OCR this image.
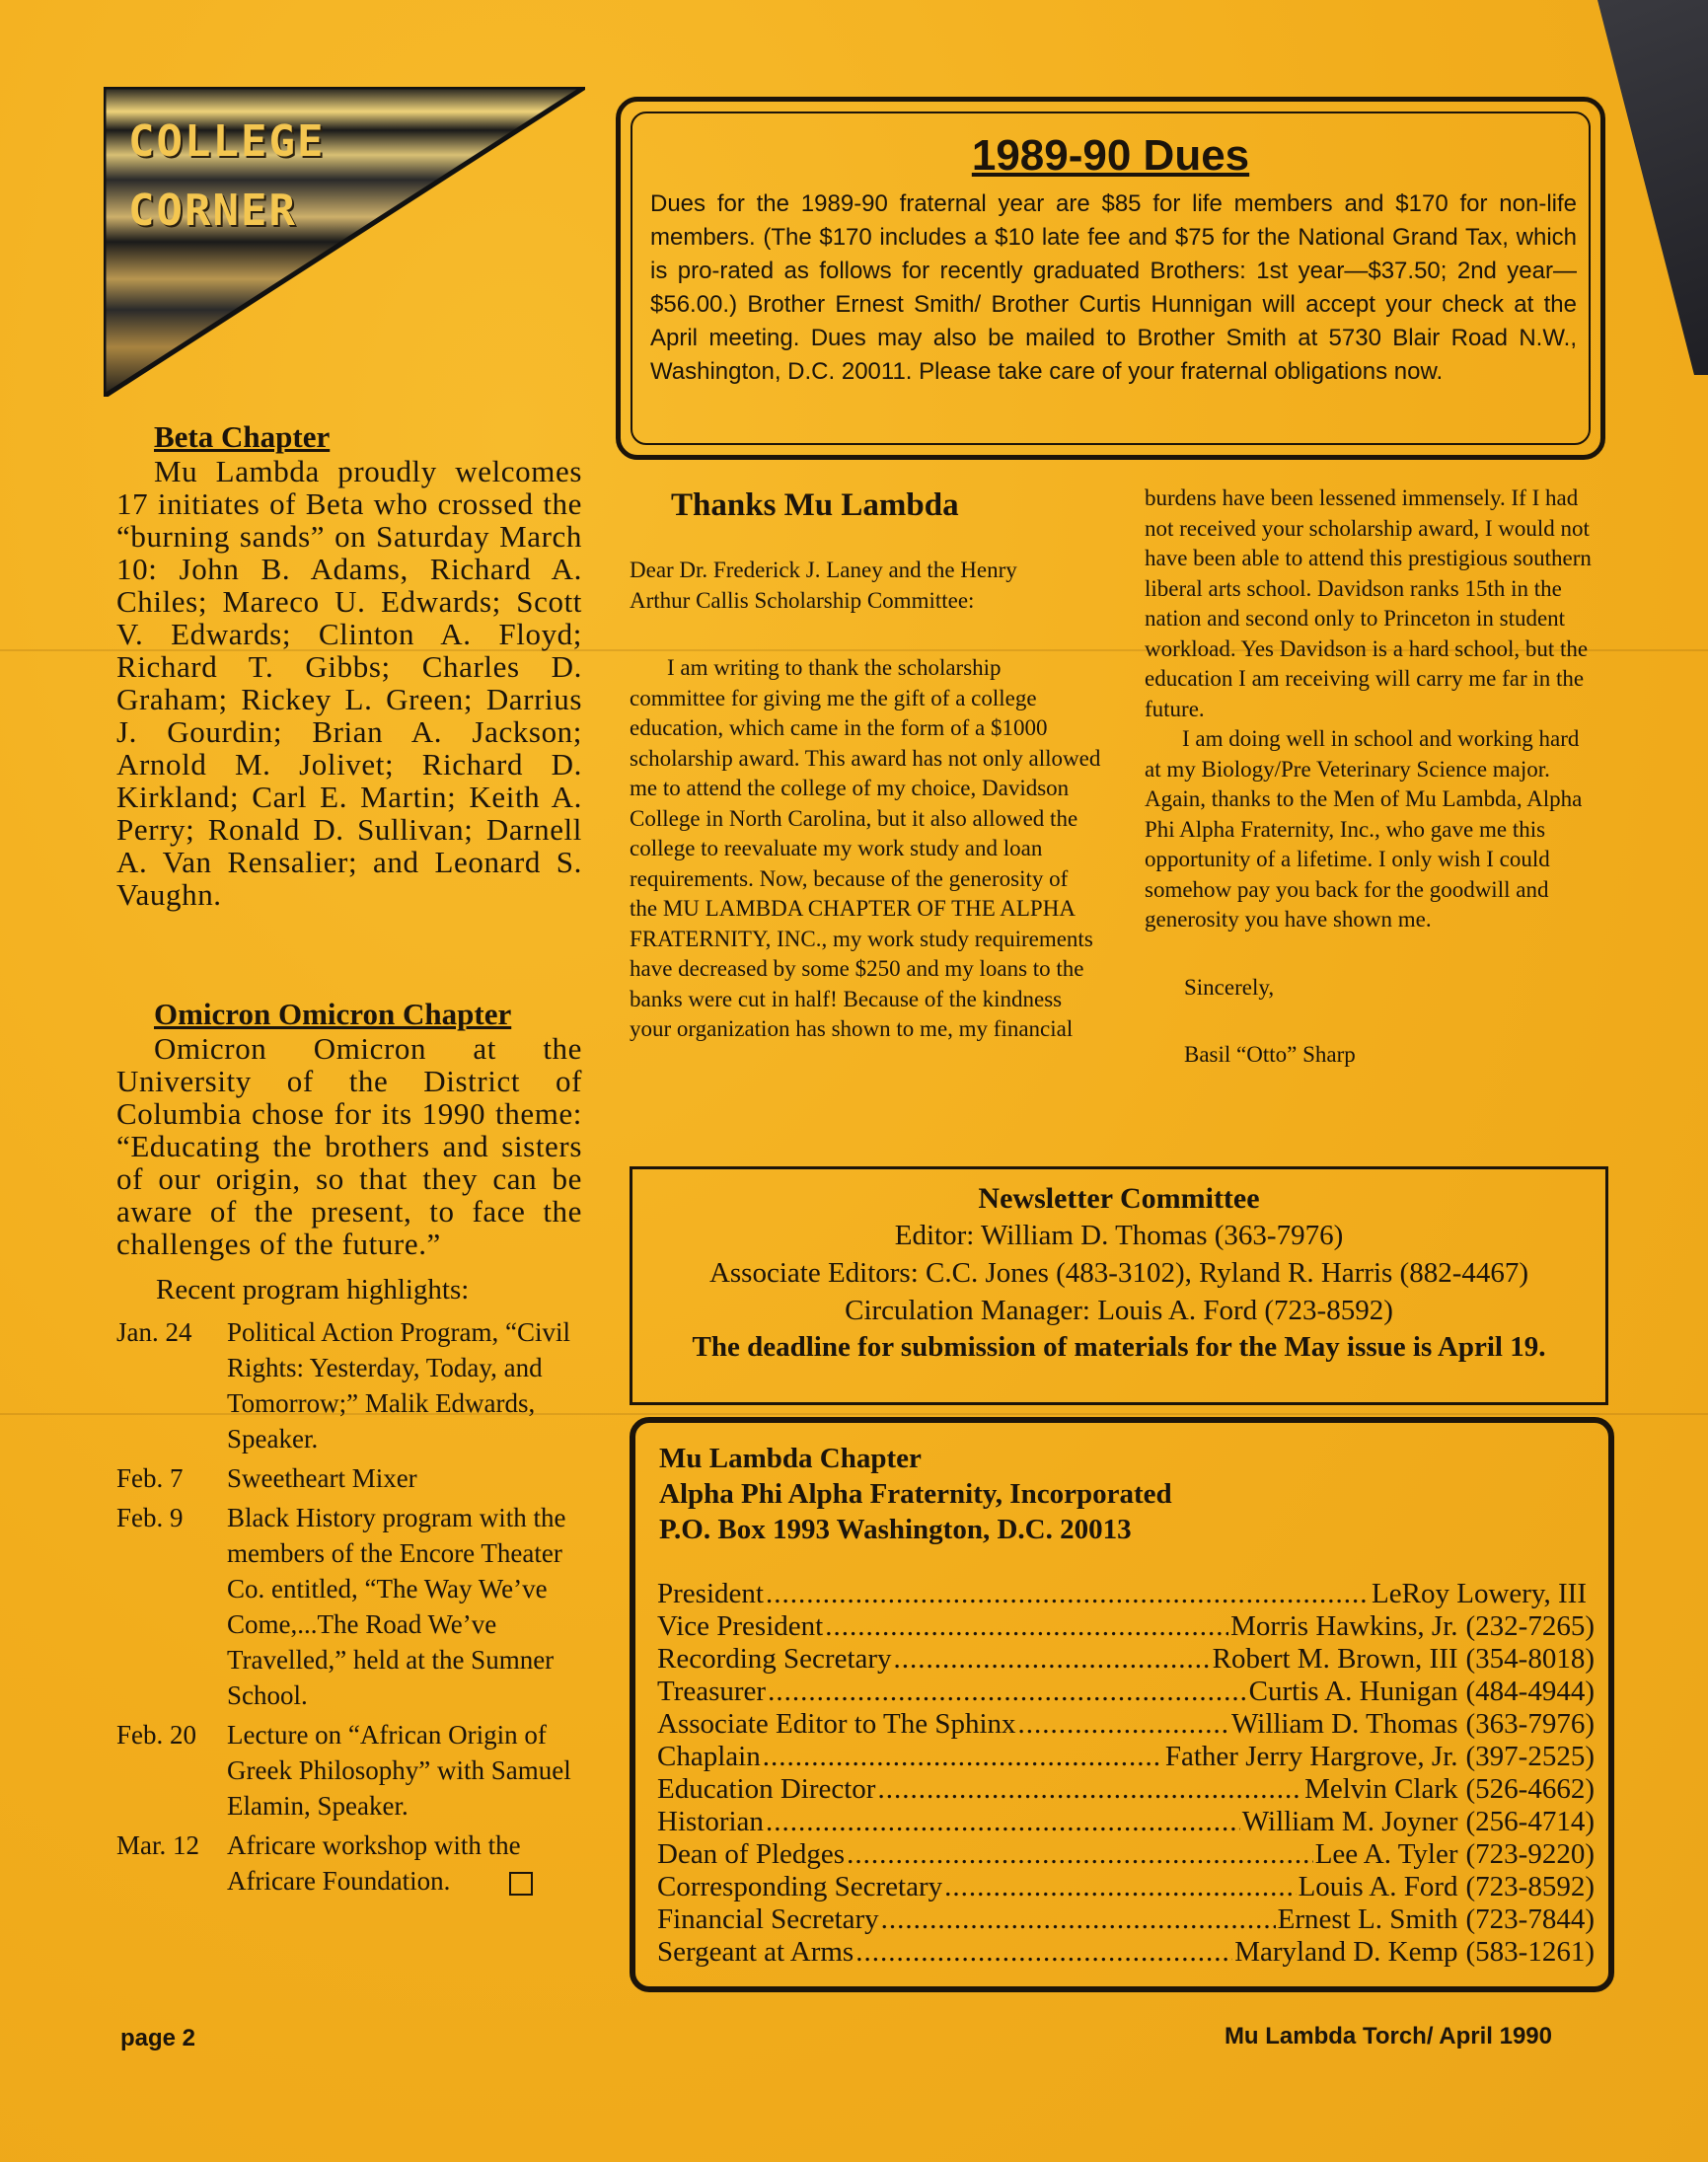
COLLEGE
CORNER
Beta Chapter

Mu Lambda proudly welcomes 17 initiates of Beta who crossed the “burning sands” on Saturday March 10: John B. Adams, Richard A. Chiles; Mareco U. Edwards; Scott V. Edwards; Clinton A. Floyd; Richard T. Gibbs; Charles D. Graham; Rickey L. Green; Darrius J. Gourdin; Brian A. Jackson; Arnold M. Jolivet; Richard D. Kirkland; Carl E. Martin; Keith A. Perry; Ronald D. Sullivan; Darnell A. Van Rensalier; and Leonard S. Vaughn.

Omicron Omicron Chapter

Omicron Omicron at the University of the District of Columbia chose for its 1990 theme: “Educating the brothers and sisters of our origin, so that they can be aware of the present, to face the challenges of the future.”

Recent program highlights:
Jan. 24	Political Action Program, “Civil Rights: Yesterday, Today, and Tomorrow;” Malik Edwards, Speaker.
Feb. 7	Sweetheart Mixer
Feb. 9	Black History program with the members of the Encore Theater Co. entitled, “The Way We’ve Come,...The Road We’ve Travelled,” held at the Sumner School.
Feb. 20	Lecture on “African Origin of Greek Philosophy” with Samuel Elamin, Speaker.
Mar. 12	Africare workshop with the Africare Foundation.
1989-90 Dues

Dues for the 1989-90 fraternal year are $85 for life members and $170 for non-life members. (The $170 includes a $10 late fee and $75 for the National Grand Tax, which is pro-rated as follows for recently graduated Brothers: 1st year—$37.50; 2nd year—$56.00.) Brother Ernest Smith/ Brother Curtis Hunnigan will accept your check at the April meeting. Dues may also be mailed to Brother Smith at 5730 Blair Road N.W., Washington, D.C. 20011. Please take care of your fraternal obligations now.

Thanks Mu Lambda

Dear Dr. Frederick J. Laney and the Henry Arthur Callis Scholarship Committee:

I am writing to thank the scholarship committee for giving me the gift of a college education, which came in the form of a $1000 scholarship award. This award has not only allowed me to attend the college of my choice, Davidson College in North Carolina, but it also allowed the college to reevaluate my work study and loan requirements. Now, because of the generosity of the MU LAMBDA CHAPTER OF THE ALPHA FRATERNITY, INC., my work study requirements have decreased by some $250 and my loans to the banks were cut in half! Because of the kindness your organization has shown to me, my financial

burdens have been lessened immensely. If I had not received your scholarship award, I would not have been able to attend this prestigious southern liberal arts school. Davidson ranks 15th in the nation and second only to Princeton in student workload. Yes Davidson is a hard school, but the education I am receiving will carry me far in the future.

I am doing well in school and working hard at my Biology/Pre Veterinary Science major. Again, thanks to the Men of Mu Lambda, Alpha Phi Alpha Fraternity, Inc., who gave me this opportunity of a lifetime. I only wish I could somehow pay you back for the goodwill and generosity you have shown me.

Sincerely,

Basil “Otto” Sharp

Newsletter Committee
Editor: William D. Thomas (363-7976)
Associate Editors: C.C. Jones (483-3102), Ryland R. Harris (882-4467)
Circulation Manager: Louis A. Ford (723-8592)
The deadline for submission of materials for the May issue is April 19.
Mu Lambda Chapter
Alpha Phi Alpha Fraternity, Incorporated
P.O. Box 1993 Washington, D.C. 20013
President .....	LeRoy Lowery, III
Vice President .....	Morris Hawkins, Jr. (232-7265)
Recording Secretary .....	Robert M. Brown, III (354-8018)
Treasurer .....	Curtis A. Hunigan (484-4944)
Associate Editor to The Sphinx .....	William D. Thomas (363-7976)
Chaplain .....	Father Jerry Hargrove, Jr. (397-2525)
Education Director .....	Melvin Clark (526-4662)
Historian .....	William M. Joyner (256-4714)
Dean of Pledges .....	Lee A. Tyler (723-9220)
Corresponding Secretary .....	Louis A. Ford (723-8592)
Financial Secretary .....	Ernest L. Smith (723-7844)
Sergeant at Arms .....	Maryland D. Kemp (583-1261)
page 2	Mu Lambda Torch/ April 1990
